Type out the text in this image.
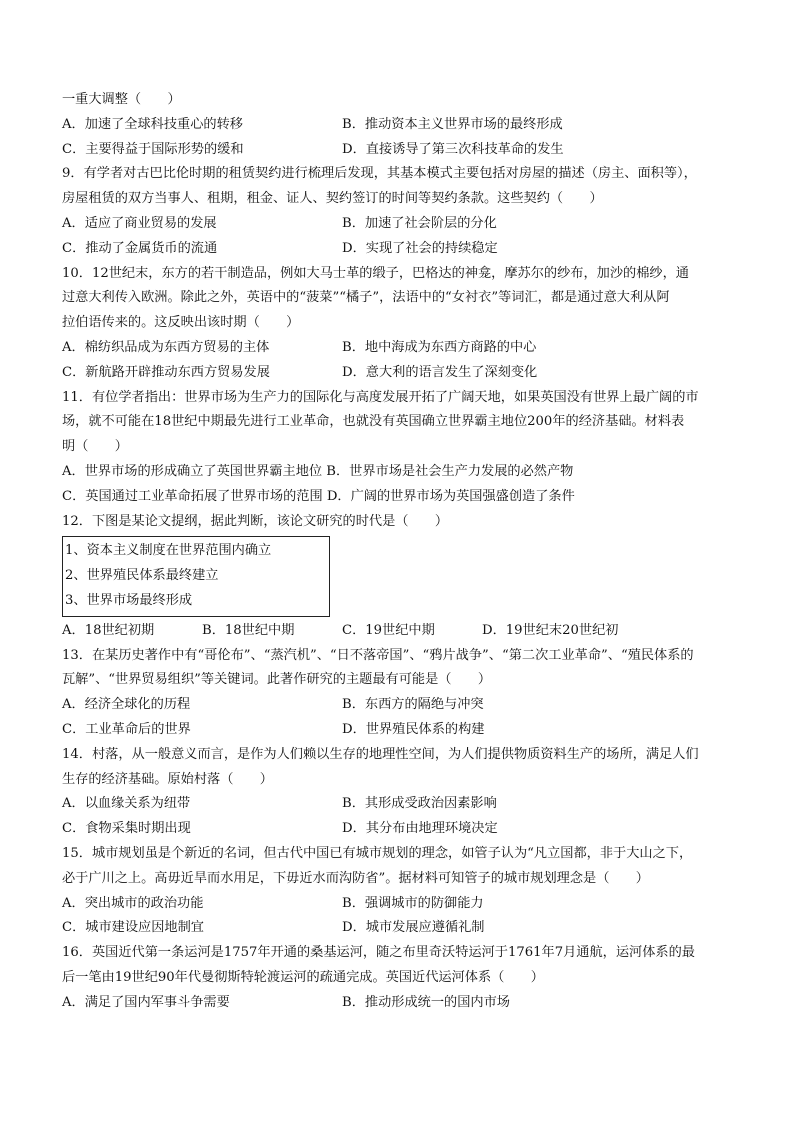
一重大调整（　　）
A．加速了全球科技重心的转移	B．推动资本主义世界市场的最终形成
C．主要得益于国际形势的缓和	D．直接诱导了第三次科技革命的发生
9．有学者对古巴比伦时期的租赁契约进行梳理后发现，其基本模式主要包括对房屋的描述（房主、面积等），
房屋租赁的双方当事人、租期，租金、证人、契约签订的时间等契约条款。这些契约（　　）
A．适应了商业贸易的发展	B．加速了社会阶层的分化
C．推动了金属货币的流通	D．实现了社会的持续稳定
10．12世纪末，东方的若干制造品，例如大马士革的缎子，巴格达的神龛，摩苏尔的纱布，加沙的棉纱，通
过意大利传入欧洲。除此之外，英语中的“菠菜”“橘子”，法语中的“女衬衣”等词汇，都是通过意大利从阿
拉伯语传来的。这反映出该时期（　　）
A．棉纺织品成为东西方贸易的主体	B．地中海成为东西方商路的中心
C．新航路开辟推动东西方贸易发展	D．意大利的语言发生了深刻变化
11．有位学者指出：世界市场为生产力的国际化与高度发展开拓了广阔天地，如果英国没有世界上最广阔的市
场，就不可能在18世纪中期最先进行工业革命，也就没有英国确立世界霸主地位200年的经济基础。材料表
明（　　）
A．世界市场的形成确立了英国世界霸主地位 B．世界市场是社会生产力发展的必然产物
C．英国通过工业革命拓展了世界市场的范围 D．广阔的世界市场为英国强盛创造了条件
12．下图是某论文提纲，据此判断，该论文研究的时代是（　　）
1、资本主义制度在世界范围内确立
2、世界殖民体系最终建立
3、世界市场最终形成
A．18世纪初期	B．18世纪中期	C．19世纪中期	D．19世纪末20世纪初
13．在某历史著作中有“哥伦布”、“蒸汽机”、“日不落帝国”、“鸦片战争”、“第二次工业革命”、“殖民体系的
瓦解”、“世界贸易组织”等关键词。此著作研究的主题最有可能是（　　）
A．经济全球化的历程	B．东西方的隔绝与冲突
C．工业革命后的世界	D．世界殖民体系的构建
14．村落，从一般意义而言，是作为人们赖以生存的地理性空间，为人们提供物质资料生产的场所，满足人们
生存的经济基础。原始村落（　　）
A．以血缘关系为纽带	B．其形成受政治因素影响
C．食物采集时期出现	D．其分布由地理环境决定
15．城市规划虽是个新近的名词，但古代中国已有城市规划的理念，如管子认为“凡立国都，非于大山之下，
必于广川之上。高毋近旱而水用足，下毋近水而沟防省”。据材料可知管子的城市规划理念是（　　）
A．突出城市的政治功能	B．强调城市的防御能力
C．城市建设应因地制宜	D．城市发展应遵循礼制
16．英国近代第一条运河是1757年开通的桑基运河，随之布里奇沃特运河于1761年7月通航，运河体系的最
后一笔由19世纪90年代曼彻斯特轮渡运河的疏通完成。英国近代运河体系（　　）
A．满足了国内军事斗争需要	B．推动形成统一的国内市场
